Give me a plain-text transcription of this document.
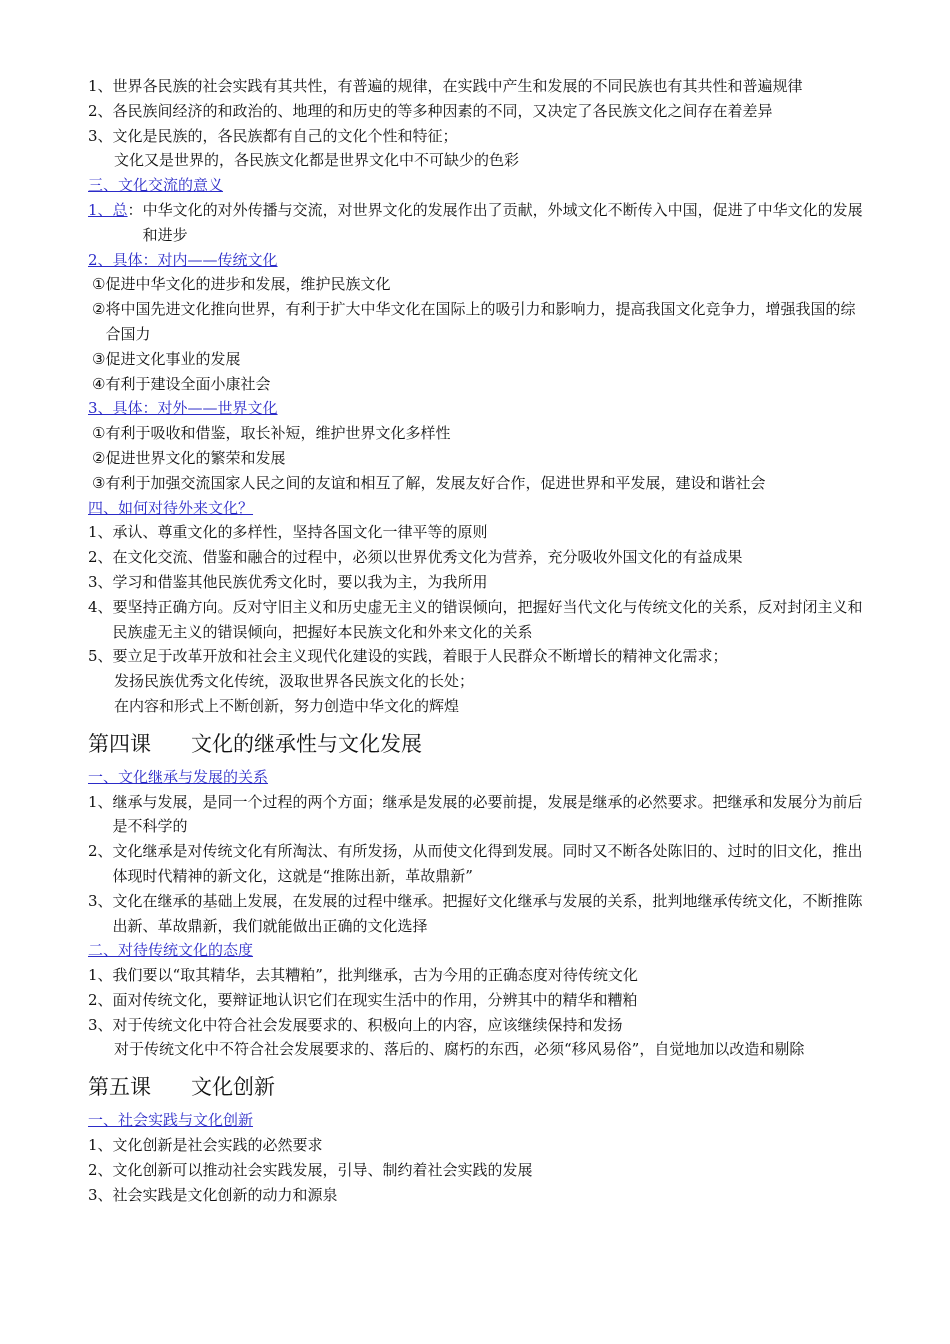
1、 世界各民族的社会实践有其共性，有普遍的规律，在实践中产生和发展的不同民族也有其共性和普遍规律
2、 各民族间经济的和政治的、地理的和历史的等多种因素的不同，又决定了各民族文化之间存在着差异
3、 文化是民族的，各民族都有自己的文化个性和特征；
文化又是世界的，各民族文化都是世界文化中不可缺少的色彩
三、文化交流的意义
1、总： 中华文化的对外传播与交流，对世界文化的发展作出了贡献，外域文化不断传入中国，促进了中华文化的发展和进步
2、具体：对内——传统文化
① 促进中华文化的进步和发展，维护民族文化
② 将中国先进文化推向世界，有利于扩大中华文化在国际上的吸引力和影响力，提高我国文化竞争力，增强我国的综合国力
③ 促进文化事业的发展
④ 有利于建设全面小康社会
3、具体：对外——世界文化
① 有利于吸收和借鉴，取长补短，维护世界文化多样性
② 促进世界文化的繁荣和发展
③ 有利于加强交流国家人民之间的友谊和相互了解，发展友好合作，促进世界和平发展，建设和谐社会
四、如何对待外来文化？
1、 承认、尊重文化的多样性，坚持各国文化一律平等的原则
2、 在文化交流、借鉴和融合的过程中，必须以世界优秀文化为营养，充分吸收外国文化的有益成果
3、 学习和借鉴其他民族优秀文化时，要以我为主，为我所用
4、 要坚持正确方向。反对守旧主义和历史虚无主义的错误倾向，把握好当代文化与传统文化的关系，反对封闭主义和民族虚无主义的错误倾向，把握好本民族文化和外来文化的关系
5、 要立足于改革开放和社会主义现代化建设的实践，着眼于人民群众不断增长的精神文化需求；
发扬民族优秀文化传统，汲取世界各民族文化的长处；
在内容和形式上不断创新，努力创造中华文化的辉煌
第四课 文化的继承性与文化发展
一、文化继承与发展的关系
1、 继承与发展，是同一个过程的两个方面；继承是发展的必要前提，发展是继承的必然要求。把继承和发展分为前后是不科学的
2、 文化继承是对传统文化有所淘汰、有所发扬，从而使文化得到发展。同时又不断各处陈旧的、过时的旧文化，推出体现时代精神的新文化，这就是“推陈出新，革故鼎新”
3、 文化在继承的基础上发展，在发展的过程中继承。把握好文化继承与发展的关系，批判地继承传统文化，不断推陈出新、革故鼎新，我们就能做出正确的文化选择
二、对待传统文化的态度
1、 我们要以“取其精华，去其糟粕”，批判继承，古为今用的正确态度对待传统文化
2、 面对传统文化，要辩证地认识它们在现实生活中的作用，分辨其中的精华和糟粕
3、 对于传统文化中符合社会发展要求的、积极向上的内容，应该继续保持和发扬
对于传统文化中不符合社会发展要求的、落后的、腐朽的东西，必须“移风易俗”，自觉地加以改造和剔除
第五课 文化创新
一、社会实践与文化创新
1、 文化创新是社会实践的必然要求
2、 文化创新可以推动社会实践发展，引导、制约着社会实践的发展
3、 社会实践是文化创新的动力和源泉
